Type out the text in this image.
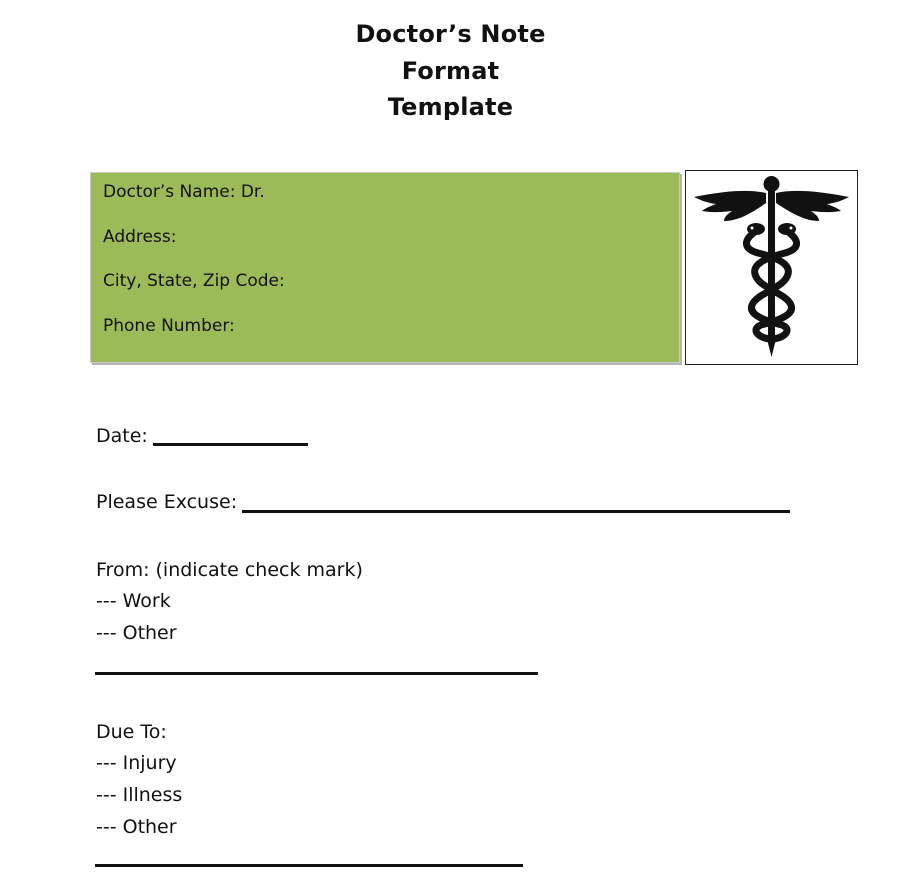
Doctor’s Note
Format
Template
Doctor’s Name: Dr.
Address:
City, State, Zip Code:
Phone Number:
Date:
Please Excuse:
From: (indicate check mark)
--- Work
--- Other
Due To:
--- Injury
--- Illness
--- Other
